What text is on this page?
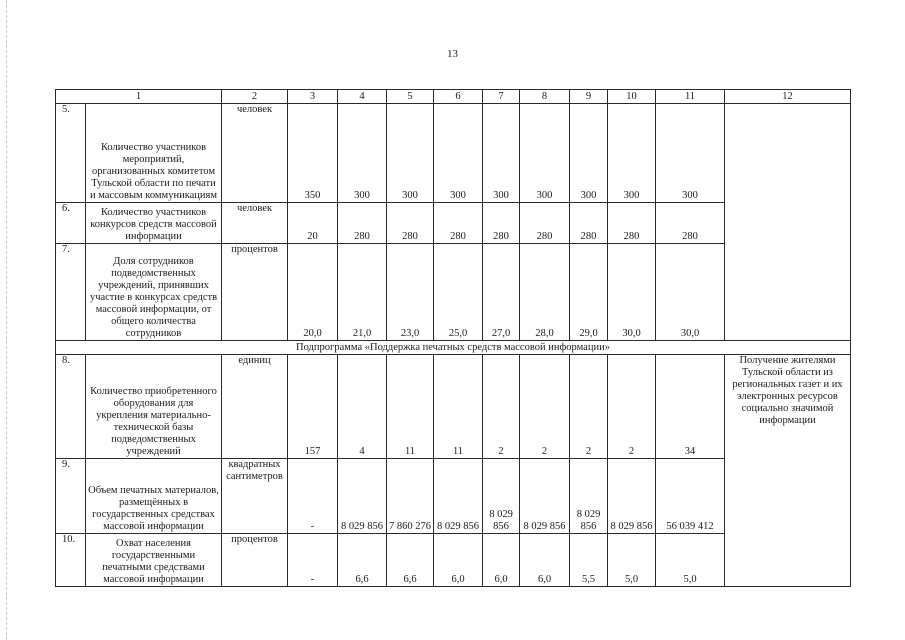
13
1		2	3	4	5	6	7	8	9	10	11	12
5.	Количество участников мероприятий, организованных комитетом Тульской области по печати и массовым коммуникациям	человек	350	300	300	300	300	300	300	300	300	
6.	Количество участников конкурсов средств массовой информации	человек	20	280	280	280	280	280	280	280	280	
7.	Доля сотрудников подведомственных учреждений, принявших участие в конкурсах средств массовой информации, от общего количества сотрудников	процентов	20,0	21,0	23,0	25,0	27,0	28,0	29,0	30,0	30,0	
Подпрограмма «Поддержка печатных средств массовой информации»												
8.	Количество приобретенного оборудования для укрепления материально-технической базы подведомственных учреждений	единиц	157	4	11	11	2	2	2	2	34	Получение жителями Тульской области из региональных газет и их электронных ресурсов социально значимой информации
9.	Объем печатных материалов, размещённых в государственных средствах массовой информации	квадратных сантиметров	-	8 029 856	7 860 276	8 029 856	8 029 856	8 029 856	8 029 856	8 029 856	56 039 412	
10.	Охват населения государственными печатными средствами массовой информации	процентов	-	6,6	6,6	6,0	6,0	6,0	5,5	5,0	5,0	
